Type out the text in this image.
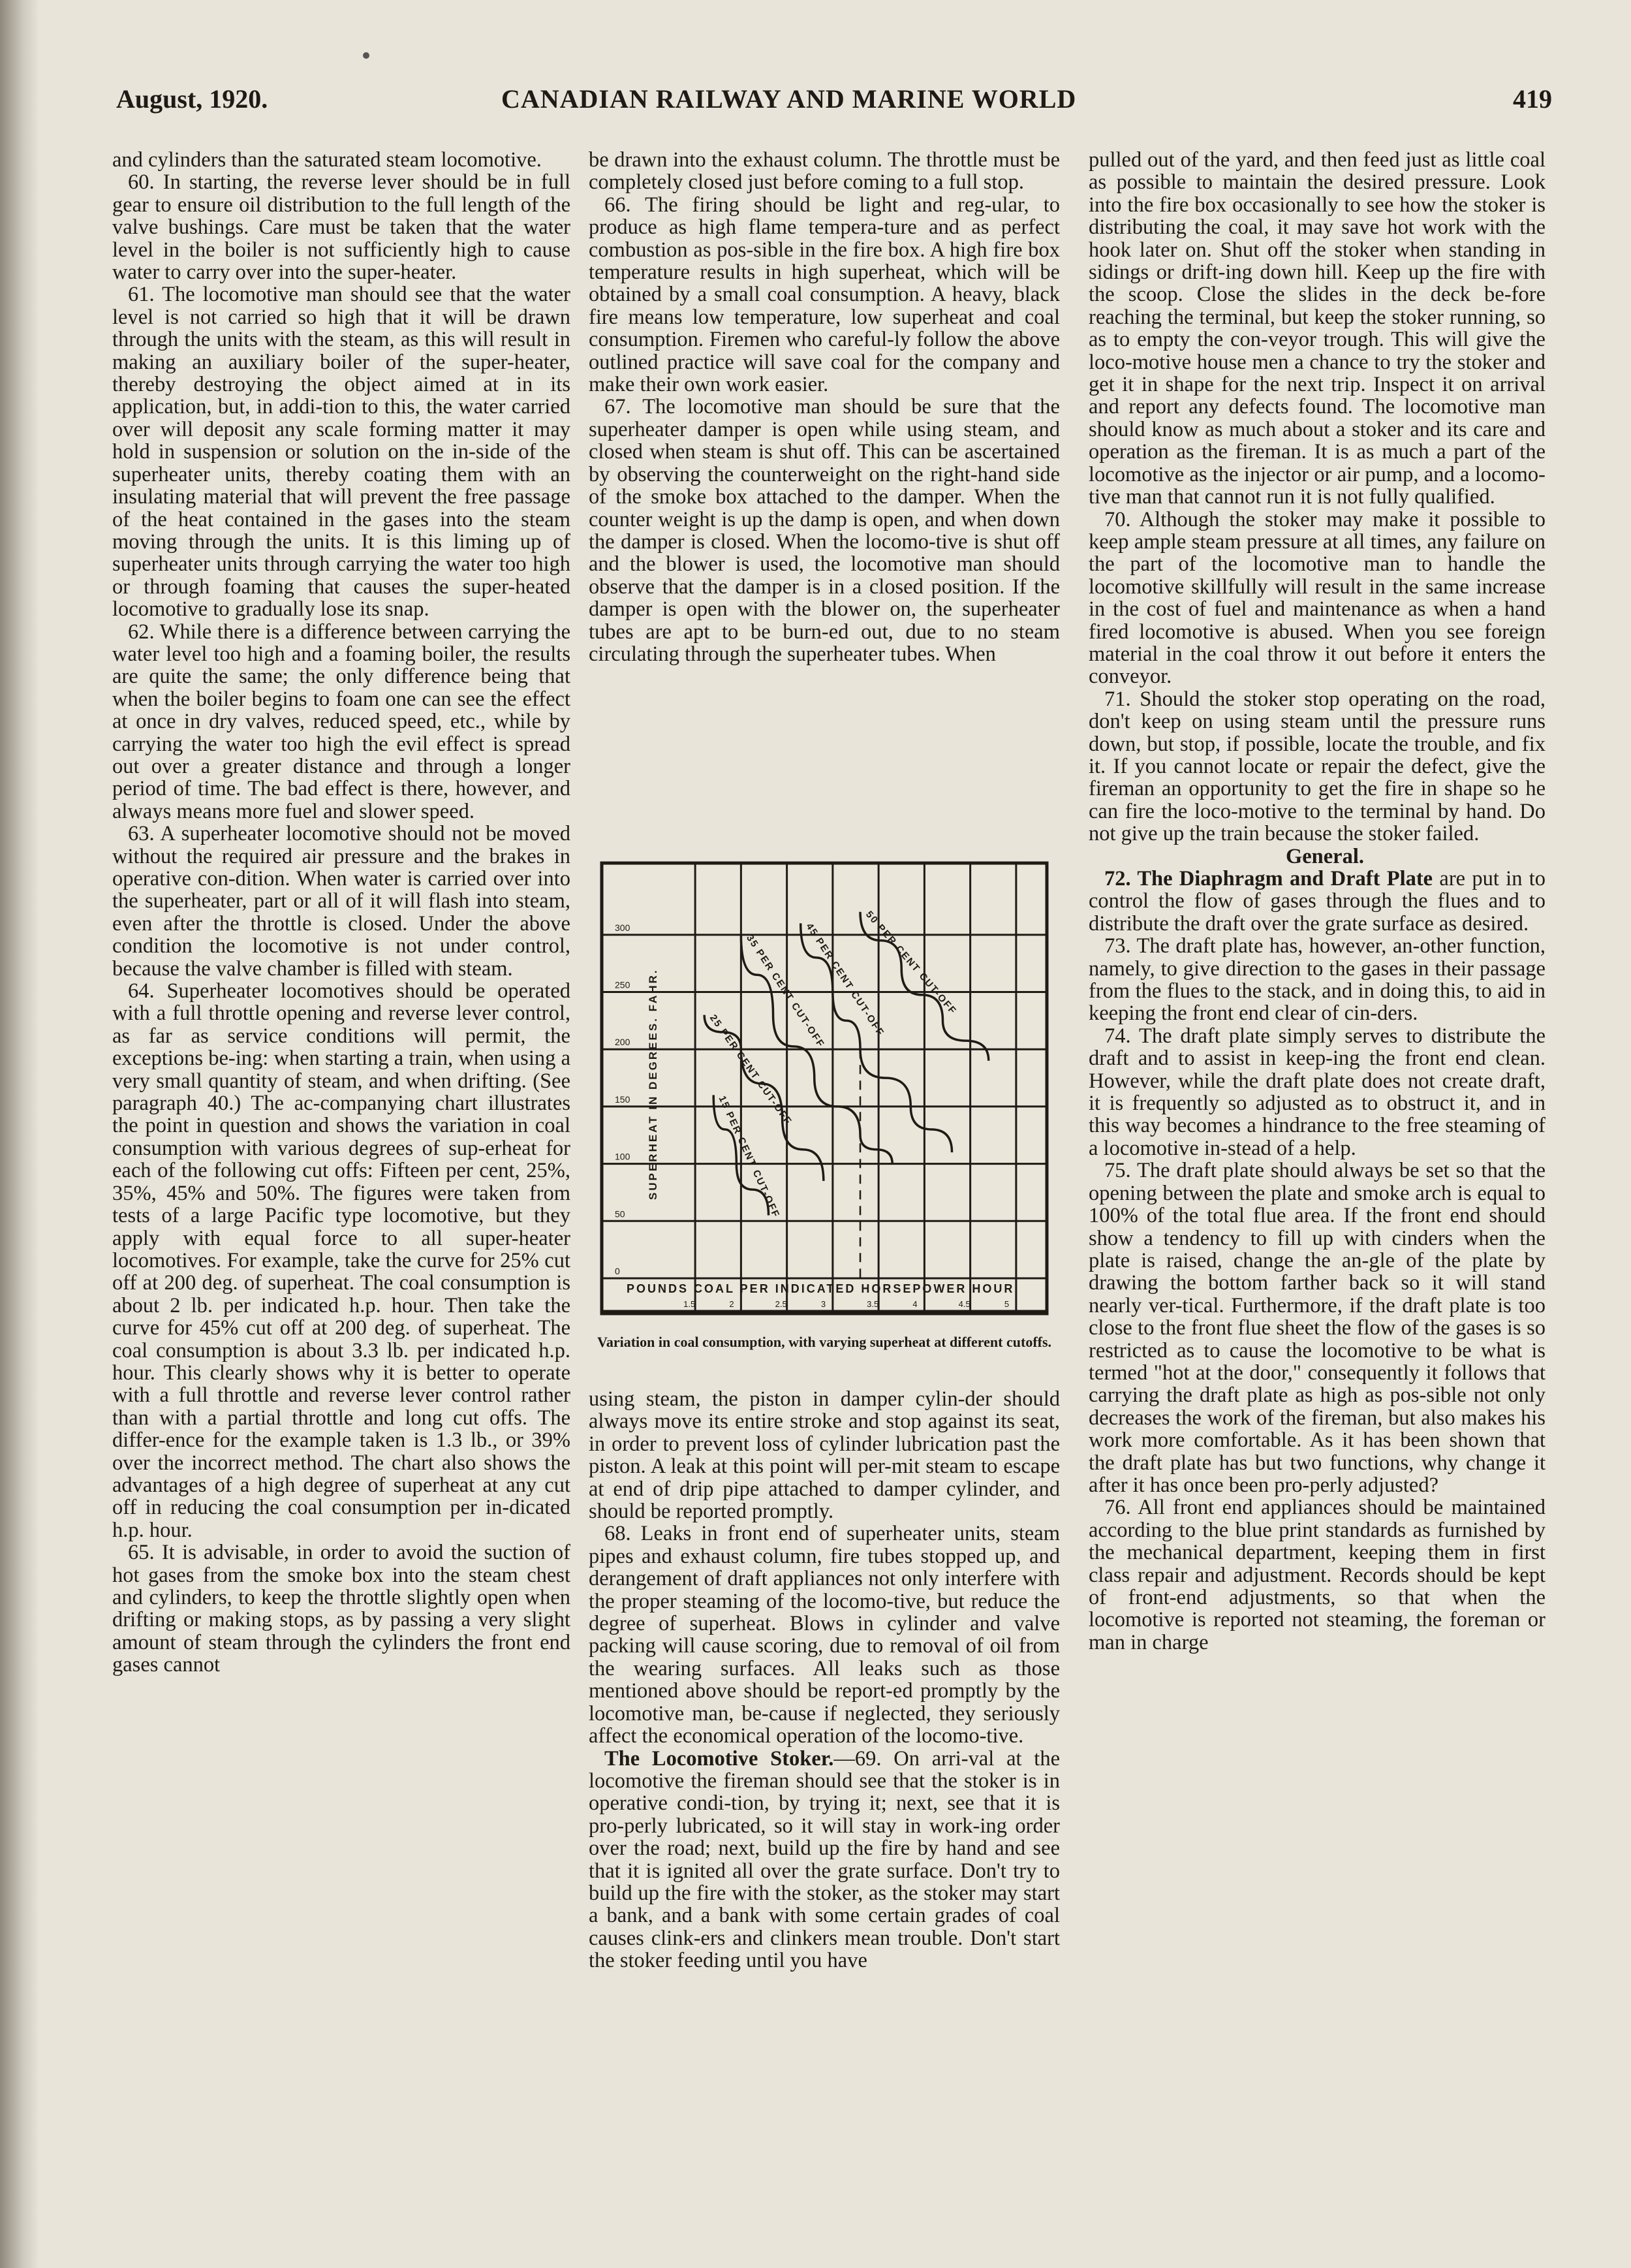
August, 1920.	CANADIAN RAILWAY AND MARINE WORLD	419

and cylinders than the saturated steam locomotive.

60. In starting, the reverse lever should be in full gear to ensure oil distribution to the full length of the valve bushings. Care must be taken that the water level in the boiler is not sufficiently high to cause water to carry over into the super-heater.

61. The locomotive man should see that the water level is not carried so high that it will be drawn through the units with the steam, as this will result in making an auxiliary boiler of the super-heater, thereby destroying the object aimed at in its application, but, in addi-tion to this, the water carried over will deposit any scale forming matter it may hold in suspension or solution on the in-side of the superheater units, thereby coating them with an insulating material that will prevent the free passage of the heat contained in the gases into the steam moving through the units. It is this liming up of superheater units through carrying the water too high or through foaming that causes the super-heated locomotive to gradually lose its snap.

62. While there is a difference between carrying the water level too high and a foaming boiler, the results are quite the same; the only difference being that when the boiler begins to foam one can see the effect at once in dry valves, reduced speed, etc., while by carrying the water too high the evil effect is spread out over a greater distance and through a longer period of time. The bad effect is there, however, and always means more fuel and slower speed.

63. A superheater locomotive should not be moved without the required air pressure and the brakes in operative con-dition. When water is carried over into the superheater, part or all of it will flash into steam, even after the throttle is closed. Under the above condition the locomotive is not under control, because the valve chamber is filled with steam.

64. Superheater locomotives should be operated with a full throttle opening and reverse lever control, as far as service conditions will permit, the exceptions be-ing: when starting a train, when using a very small quantity of steam, and when drifting. (See paragraph 40.) The ac-companying chart illustrates the point in question and shows the variation in coal consumption with various degrees of sup-erheat for each of the following cut offs: Fifteen per cent, 25%, 35%, 45% and 50%. The figures were taken from tests of a large Pacific type locomotive, but they apply with equal force to all super-heater locomotives. For example, take the curve for 25% cut off at 200 deg. of superheat. The coal consumption is about 2 lb. per indicated h.p. hour. Then take the curve for 45% cut off at 200 deg. of superheat. The coal consumption is about 3.3 lb. per indicated h.p. hour. This clearly shows why it is better to operate with a full throttle and reverse lever control rather than with a partial throttle and long cut offs. The differ-ence for the example taken is 1.3 lb., or 39% over the incorrect method. The chart also shows the advantages of a high degree of superheat at any cut off in reducing the coal consumption per in-dicated h.p. hour.

65. It is advisable, in order to avoid the suction of hot gases from the smoke box into the steam chest and cylinders, to keep the throttle slightly open when drifting or making stops, as by passing a very slight amount of steam through the cylinders the front end gases cannot

be drawn into the exhaust column. The throttle must be completely closed just before coming to a full stop.

66. The firing should be light and reg-ular, to produce as high flame tempera-ture and as perfect combustion as pos-sible in the fire box. A high fire box temperature results in high superheat, which will be obtained by a small coal consumption. A heavy, black fire means low temperature, low superheat and coal consumption. Firemen who careful-ly follow the above outlined practice will save coal for the company and make their own work easier.

67. The locomotive man should be sure that the superheater damper is open while using steam, and closed when steam is shut off. This can be ascertained by observing the counterweight on the right-hand side of the smoke box attached to the damper. When the counter weight is up the damp is open, and when down the damper is closed. When the locomo-tive is shut off and the blower is used, the locomotive man should observe that the damper is in a closed position. If the damper is open with the blower on, the superheater tubes are apt to be burn-ed out, due to no steam circulating through the superheater tubes. When

15 PER CENT CUT-OFF
25 PER CENT CUT-OFF
35 PER CENT CUT-OFF
45 PER CENT CUT-OFF
50 PER CENT CUT-OFF
0
50
100
150
200
250
300
1.5	2	2.5	3	3.5	4	4.5	5
SUPERHEAT IN DEGREES. FAHR.
POUNDS COAL PER INDICATED HORSEPOWER HOUR
Variation in coal consumption, with varying superheat at different cutoffs.

using steam, the piston in damper cylin-der should always move its entire stroke and stop against its seat, in order to prevent loss of cylinder lubrication past the piston. A leak at this point will per-mit steam to escape at end of drip pipe attached to damper cylinder, and should be reported promptly.

68. Leaks in front end of superheater units, steam pipes and exhaust column, fire tubes stopped up, and derangement of draft appliances not only interfere with the proper steaming of the locomo-tive, but reduce the degree of superheat. Blows in cylinder and valve packing will cause scoring, due to removal of oil from the wearing surfaces. All leaks such as those mentioned above should be report-ed promptly by the locomotive man, be-cause if neglected, they seriously affect the economical operation of the locomo-tive.

The Locomotive Stoker.—69. On arri-val at the locomotive the fireman should see that the stoker is in operative condi-tion, by trying it; next, see that it is pro-perly lubricated, so it will stay in work-ing order over the road; next, build up the fire by hand and see that it is ignited all over the grate surface. Don't try to build up the fire with the stoker, as the stoker may start a bank, and a bank with some certain grades of coal causes clink-ers and clinkers mean trouble. Don't start the stoker feeding until you have

pulled out of the yard, and then feed just as little coal as possible to maintain the desired pressure. Look into the fire box occasionally to see how the stoker is distributing the coal, it may save hot work with the hook later on. Shut off the stoker when standing in sidings or drift-ing down hill. Keep up the fire with the scoop. Close the slides in the deck be-fore reaching the terminal, but keep the stoker running, so as to empty the con-veyor trough. This will give the loco-motive house men a chance to try the stoker and get it in shape for the next trip. Inspect it on arrival and report any defects found. The locomotive man should know as much about a stoker and its care and operation as the fireman. It is as much a part of the locomotive as the injector or air pump, and a locomo-tive man that cannot run it is not fully qualified.

70. Although the stoker may make it possible to keep ample steam pressure at all times, any failure on the part of the locomotive man to handle the locomotive skillfully will result in the same increase in the cost of fuel and maintenance as when a hand fired locomotive is abused. When you see foreign material in the coal throw it out before it enters the conveyor.

71. Should the stoker stop operating on the road, don't keep on using steam until the pressure runs down, but stop, if possible, locate the trouble, and fix it. If you cannot locate or repair the defect, give the fireman an opportunity to get the fire in shape so he can fire the loco-motive to the terminal by hand. Do not give up the train because the stoker failed.

General.

72. The Diaphragm and Draft Plate are put in to control the flow of gases through the flues and to distribute the draft over the grate surface as desired.

73. The draft plate has, however, an-other function, namely, to give direction to the gases in their passage from the flues to the stack, and in doing this, to aid in keeping the front end clear of cin-ders.

74. The draft plate simply serves to distribute the draft and to assist in keep-ing the front end clean. However, while the draft plate does not create draft, it is frequently so adjusted as to obstruct it, and in this way becomes a hindrance to the free steaming of a locomotive in-stead of a help.

75. The draft plate should always be set so that the opening between the plate and smoke arch is equal to 100% of the total flue area. If the front end should show a tendency to fill up with cinders when the plate is raised, change the an-gle of the plate by drawing the bottom farther back so it will stand nearly ver-tical. Furthermore, if the draft plate is too close to the front flue sheet the flow of the gases is so restricted as to cause the locomotive to be what is termed "hot at the door," consequently it follows that carrying the draft plate as high as pos-sible not only decreases the work of the fireman, but also makes his work more comfortable. As it has been shown that the draft plate has but two functions, why change it after it has once been pro-perly adjusted?

76. All front end appliances should be maintained according to the blue print standards as furnished by the mechanical department, keeping them in first class repair and adjustment. Records should be kept of front-end adjustments, so that when the locomotive is reported not steaming, the foreman or man in charge
